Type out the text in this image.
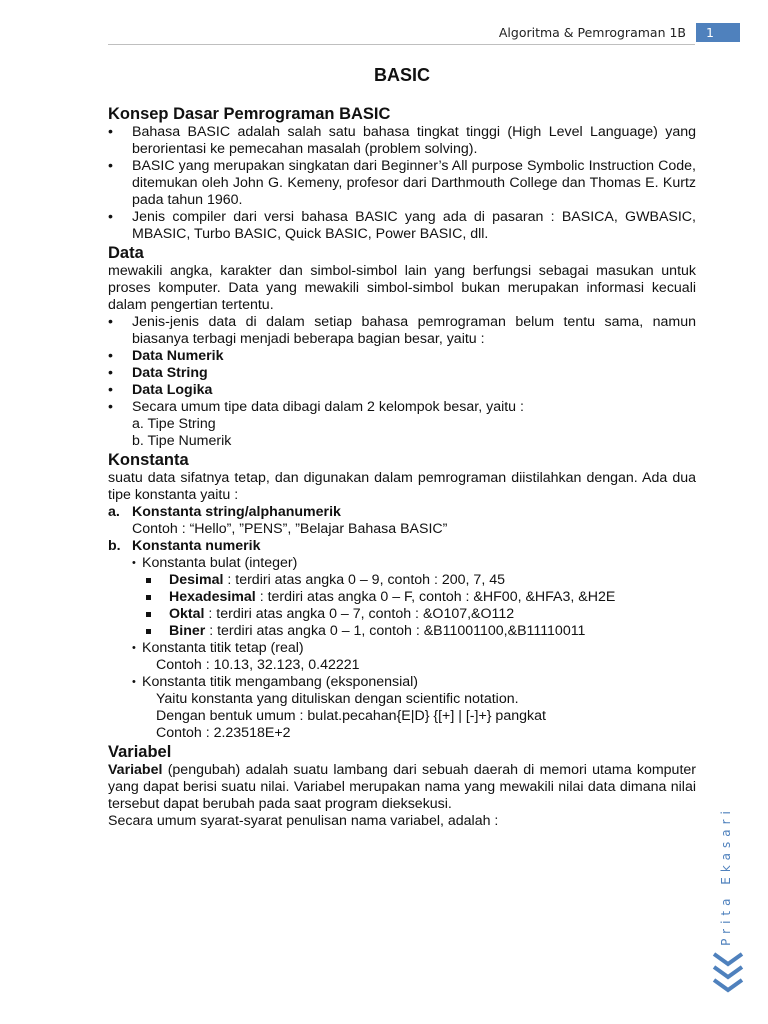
Algoritma & Pemrograman 1B	1
BASIC
Konsep Dasar Pemrograman BASIC
• Bahasa BASIC adalah salah satu bahasa tingkat tinggi (High Level Language) yang berorientasi ke pemecahan masalah (problem solving).
• BASIC yang merupakan singkatan dari Beginner’s All purpose Symbolic Instruction Code, ditemukan oleh John G. Kemeny, profesor dari Darthmouth College dan Thomas E. Kurtz pada tahun 1960.
• Jenis compiler dari versi bahasa BASIC yang ada di pasaran : BASICA, GWBASIC, MBASIC, Turbo BASIC, Quick BASIC, Power BASIC, dll.
Data

mewakili angka, karakter dan simbol-simbol lain yang berfungsi sebagai masukan untuk proses komputer. Data yang mewakili simbol-simbol bukan merupakan informasi kecuali dalam pengertian tertentu.

• Jenis-jenis data di dalam setiap bahasa pemrograman belum tentu sama, namun biasanya terbagi menjadi beberapa bagian besar, yaitu :
• Data Numerik
• Data String
• Data Logika
• Secara umum tipe data dibagi dalam 2 kelompok besar, yaitu :
a. Tipe String
b. Tipe Numerik
Konstanta

suatu data sifatnya tetap, dan digunakan dalam pemrograman diistilahkan dengan. Ada dua tipe konstanta yaitu :

a. Konstanta string/alphanumerik
Contoh : “Hello”, ”PENS”, ”Belajar Bahasa BASIC”
b. Konstanta numerik
• Konstanta bulat (integer)
Desimal : terdiri atas angka 0 – 9, contoh : 200, 7, 45
Hexadesimal : terdiri atas angka 0 – F, contoh : &HF00, &HFA3, &H2E
Oktal : terdiri atas angka 0 – 7, contoh : &O107,&O112
Biner : terdiri atas angka 0 – 1, contoh : &B11001100,&B11110011
• Konstanta titik tetap (real)
Contoh : 10.13, 32.123, 0.42221
• Konstanta titik mengambang (eksponensial)
Yaitu konstanta yang dituliskan dengan scientific notation.
Dengan bentuk umum : bulat.pecahan{E|D} {[+] | [-]+} pangkat
Contoh : 2.23518E+2
Variabel

Variabel (pengubah) adalah suatu lambang dari sebuah daerah di memori utama komputer yang dapat berisi suatu nilai. Variabel merupakan nama yang mewakili nilai data dimana nilai tersebut dapat berubah pada saat program dieksekusi.

Secara umum syarat-syarat penulisan nama variabel, adalah :	Prita Ekasari
